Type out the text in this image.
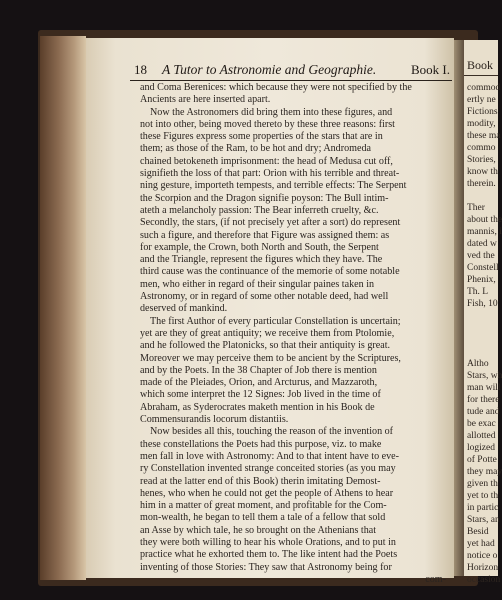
Book
commod
ertly ne
Fictions
modity,
these ma
commo
Stories,
know th
therein.

Ther
about the
mannis, i
dated w
ved the
Constell
Phenix,
Th. L
Fish, 10

Altho
Stars, wh
man will
for there
tude and
be exac
allotted
logized
of Potte
they may
given th
yet to th
in partic
Stars, an
Besid
yet had
notice o
Horizon
occasion
18 A Tutor to Astronomie and Geographie.	Book I.
and Coma Berenices: which because they were not specified by the
Ancients are here inserted apart.
Now the Astronomers did bring them into these figures, and
not into other, being moved thereto by these three reasons: first
these Figures express some properties of the stars that are in
them; as those of the Ram, to be hot and dry; Andromeda
chained betokeneth imprisonment: the head of Medusa cut off,
signifieth the loss of that part: Orion with his terrible and threat-
ning gesture, importeth tempests, and terrible effects: The Serpent
the Scorpion and the Dragon signifie poyson: The Bull intim-
ateth a melancholy passion: The Bear inferreth cruelty, &c.
Secondly, the stars, (if not precisely yet after a sort) do represent
such a figure, and therefore that Figure was assigned them: as
for example, the Crown, both North and South, the Serpent
and the Triangle, represent the figures which they have. The
third cause was the continuance of the memorie of some notable
men, who either in regard of their singular paines taken in
Astronomy, or in regard of some other notable deed, had well
deserved of mankind.
The first Author of every particular Constellation is uncertain;
yet are they of great antiquity; we receive them from Ptolomie,
and he followed the Platonicks, so that their antiquity is great.
Moreover we may perceive them to be ancient by the Scriptures,
and by the Poets. In the 38 Chapter of Job there is mention
made of the Pleiades, Orion, and Arcturus, and Mazzaroth,
which some interpret the 12 Signes: Job lived in the time of
Abraham, as Syderocrates maketh mention in his Book de
Commensurandis locorum distantiis.
Now besides all this, touching the reason of the invention of
these constellations the Poets had this purpose, viz. to make
men fall in love with Astronomy: And to that intent have to eve-
ry Constellation invented strange conceited stories (as you may
read at the latter end of this Book) therin imitating Demost-
henes, who when he could not get the people of Athens to hear
him in a matter of great moment, and profitable for the Com-
mon-wealth, he began to tell them a tale of a fellow that sold
an Asse by which tale, he so brought on the Athenians that
they were both willing to hear his whole Orations, and to put in
practice what he exhorted them to. The like intent had the Poets
inventing of those Stories: They saw that Astronomy being for
com-
